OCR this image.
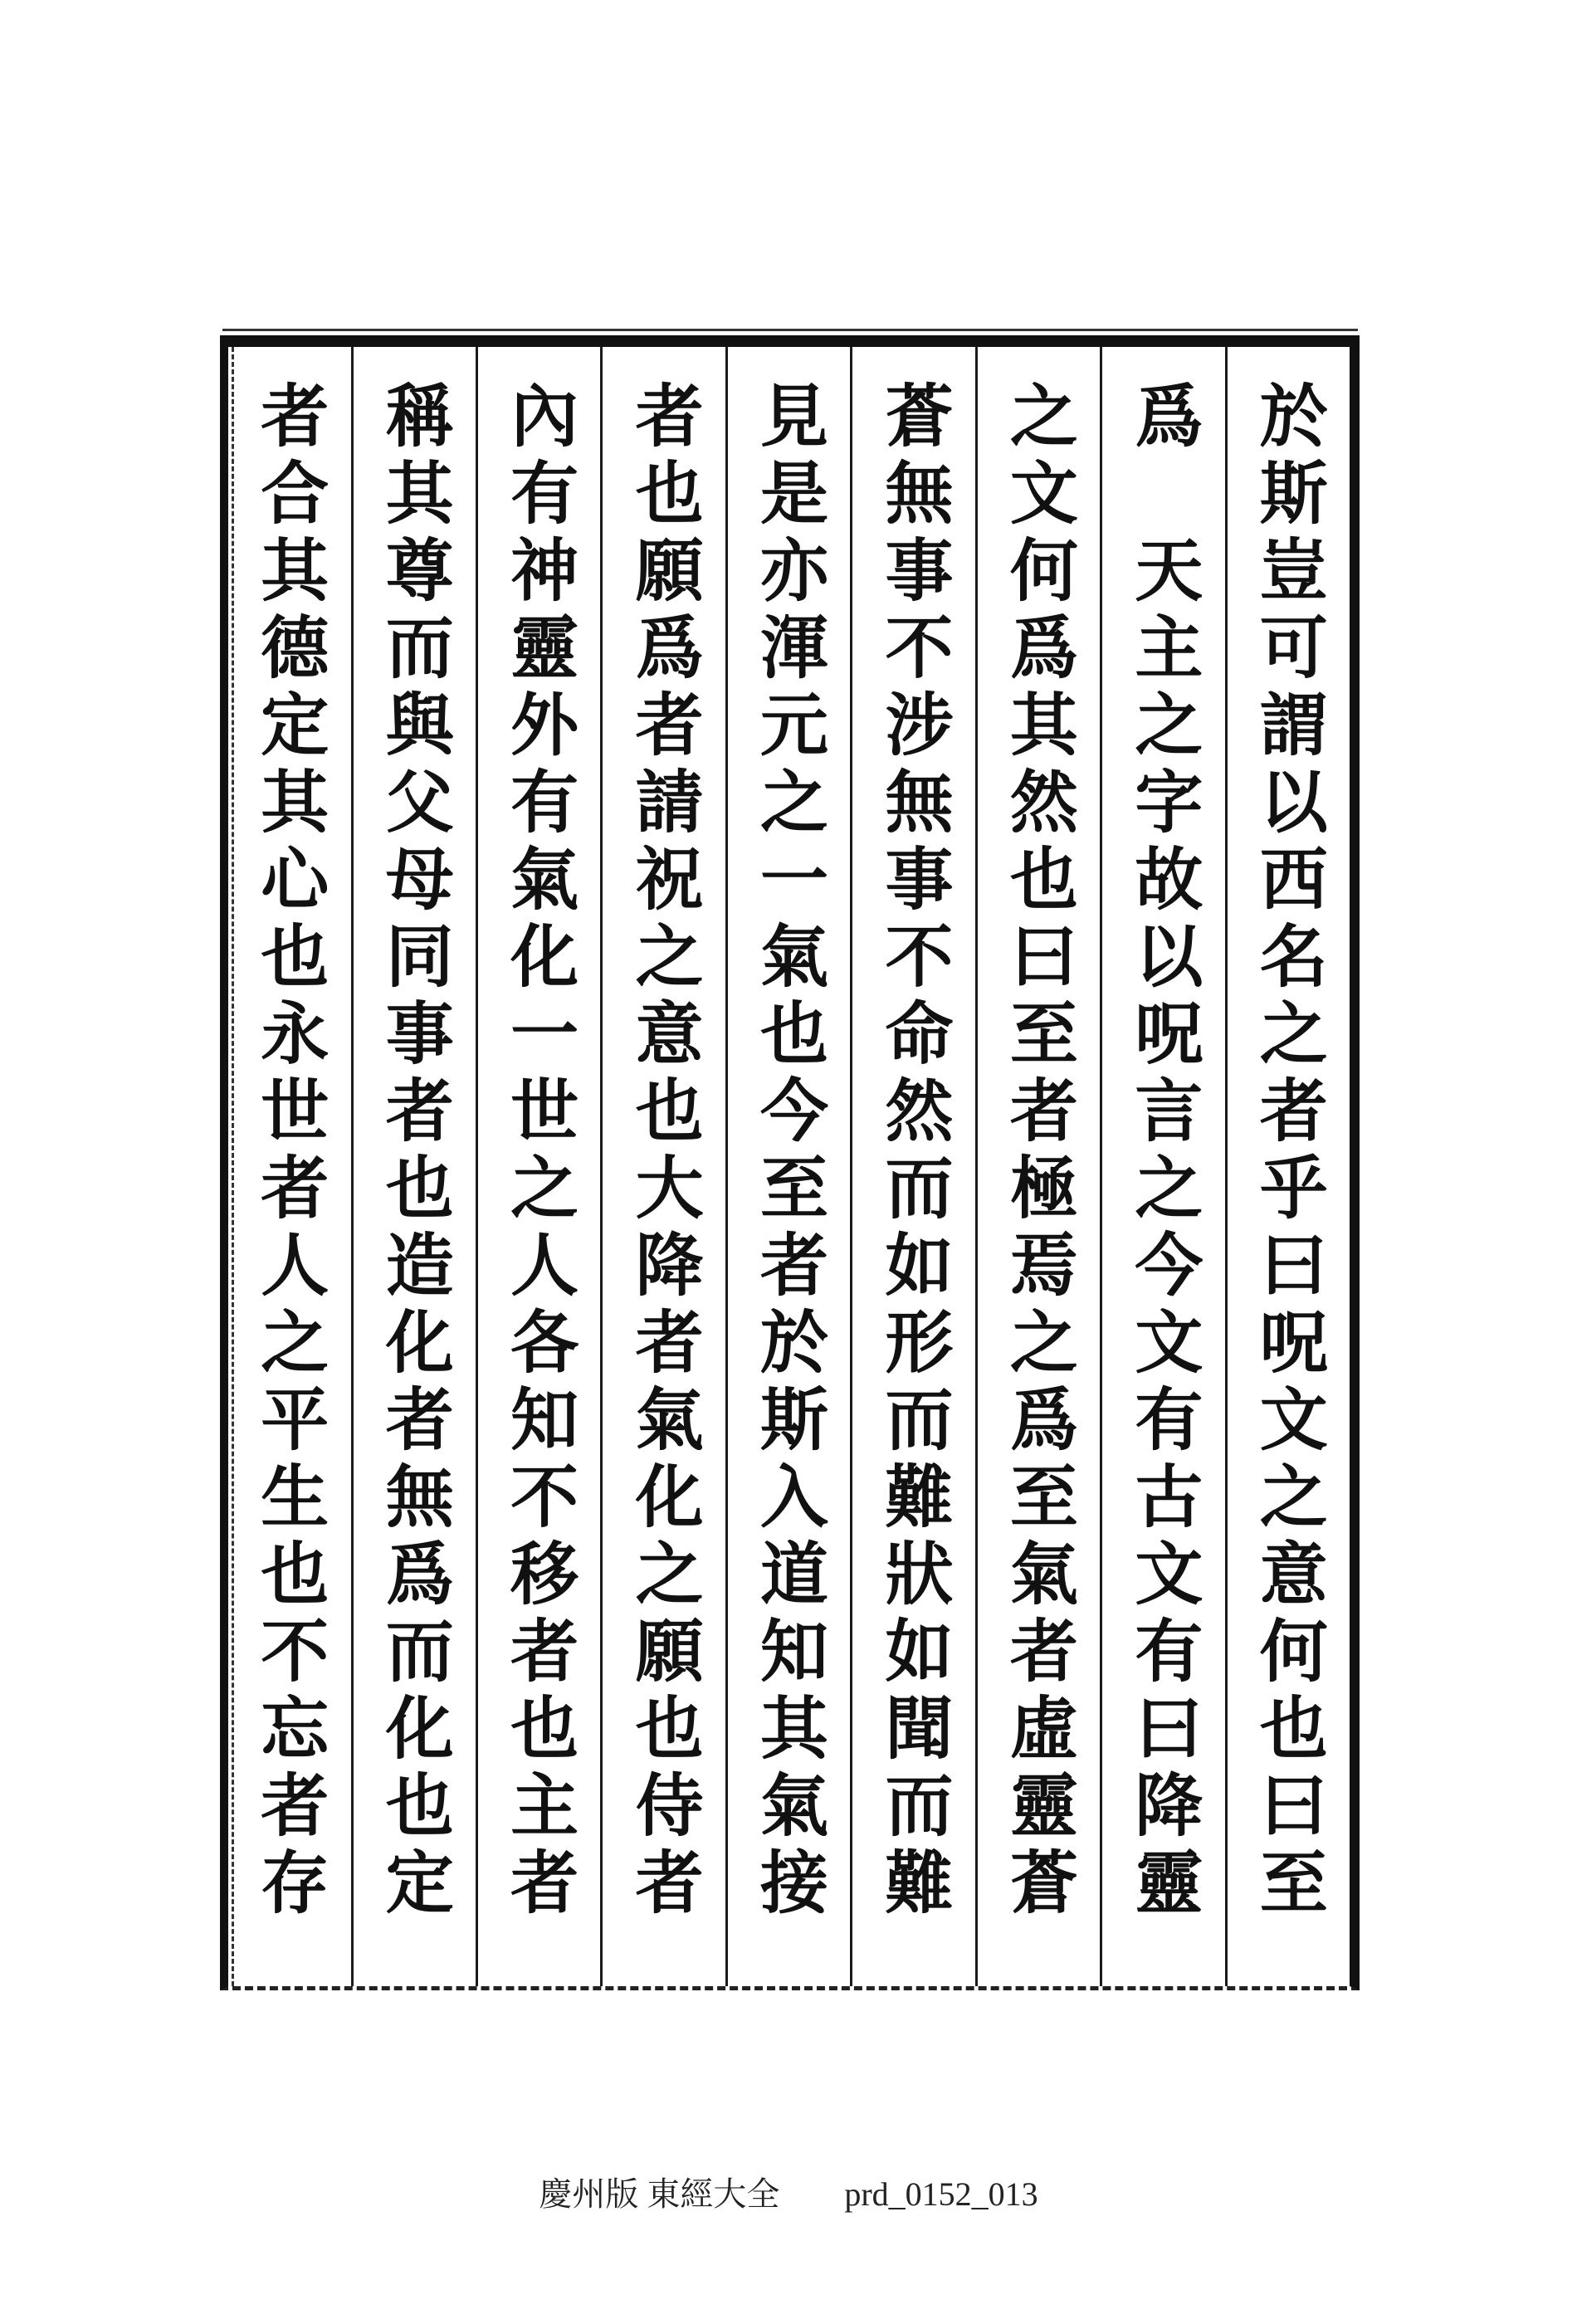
於斯豈可謂以西名之者乎曰呪文之意何也曰至
爲　天主之字故以呪言之今文有古文有曰降靈
之文何爲其然也曰至者極焉之爲至氣者虛靈蒼
蒼無事不涉無事不命然而如形而難狀如聞而難
見是亦渾元之一氣也今至者於斯入道知其氣接
者也願爲者請祝之意也大降者氣化之願也侍者
內有神靈外有氣化一世之人各知不移者也主者
稱其尊而與父母同事者也造化者無爲而化也定
者合其德定其心也永世者人之平生也不忘者存
慶州版 東經大全 prd_0152_013
